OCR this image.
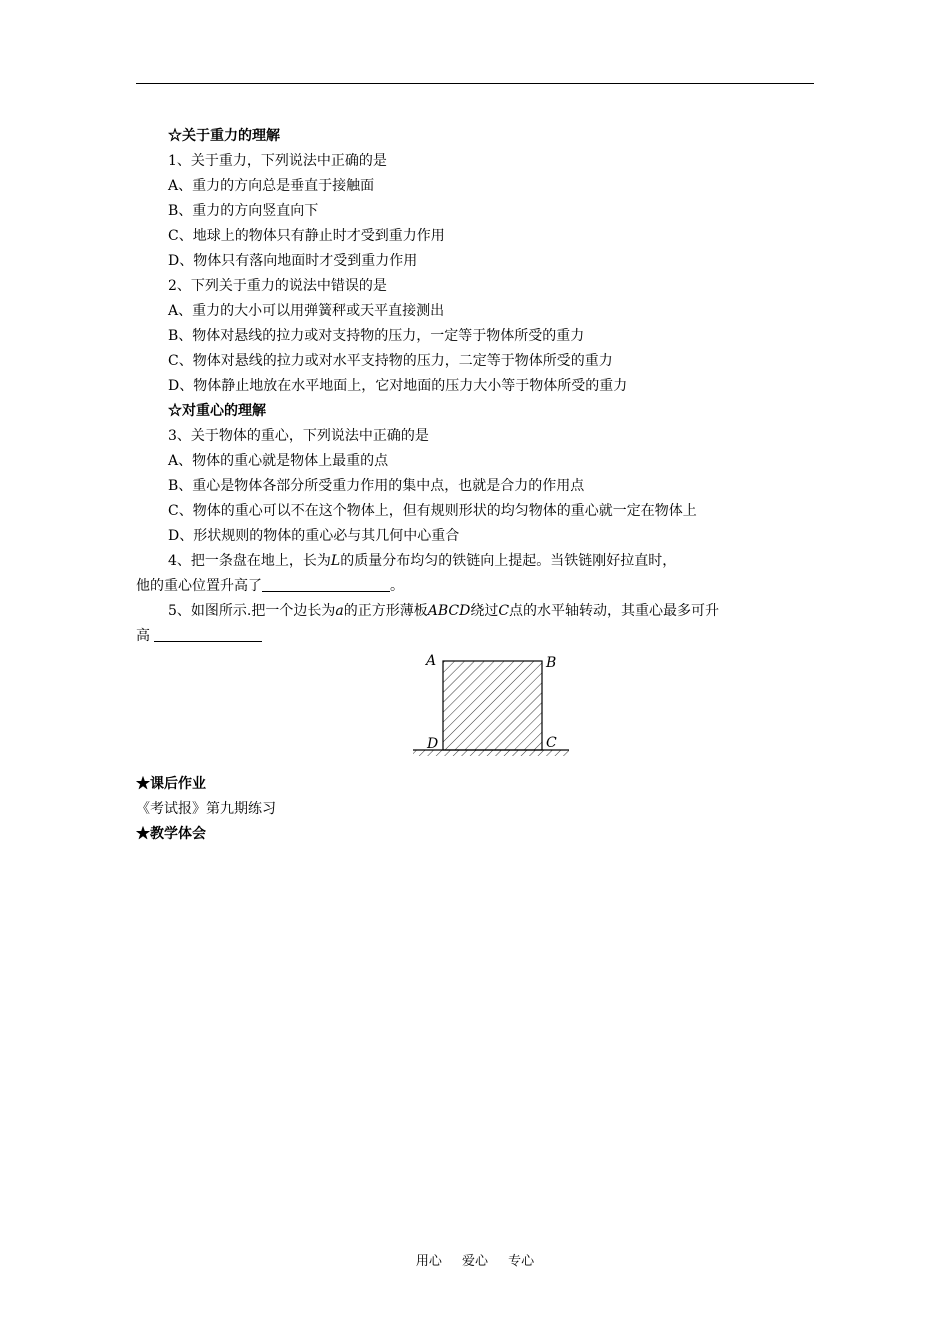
☆关于重力的理解
1、关于重力，下列说法中正确的是
A、重力的方向总是垂直于接触面
B、重力的方向竖直向下
C、地球上的物体只有静止时才受到重力作用
D、物体只有落向地面时才受到重力作用
2、下列关于重力的说法中错误的是
A、重力的大小可以用弹簧秤或天平直接测出
B、物体对悬线的拉力或对支持物的压力，一定等于物体所受的重力
C、物体对悬线的拉力或对水平支持物的压力，二定等于物体所受的重力
D、物体静止地放在水平地面上，它对地面的压力大小等于物体所受的重力
☆对重心的理解
3、关于物体的重心，下列说法中正确的是
A、物体的重心就是物体上最重的点
B、重心是物体各部分所受重力作用的集中点，也就是合力的作用点
C、物体的重心可以不在这个物体上，但有规则形状的均匀物体的重心就一定在物体上
D、形状规则的物体的重心必与其几何中心重合
4、把一条盘在地上，长为L的质量分布均匀的铁链向上提起。当铁链刚好拉直时，
他的重心位置升高了	。
5、如图所示.把一个边长为a的正方形薄板ABCD绕过C点的水平轴转动，其重心最多可升
高
A	B
D	C
★课后作业
《考试报》第九期练习
★教学体会
用心 爱心 专心
